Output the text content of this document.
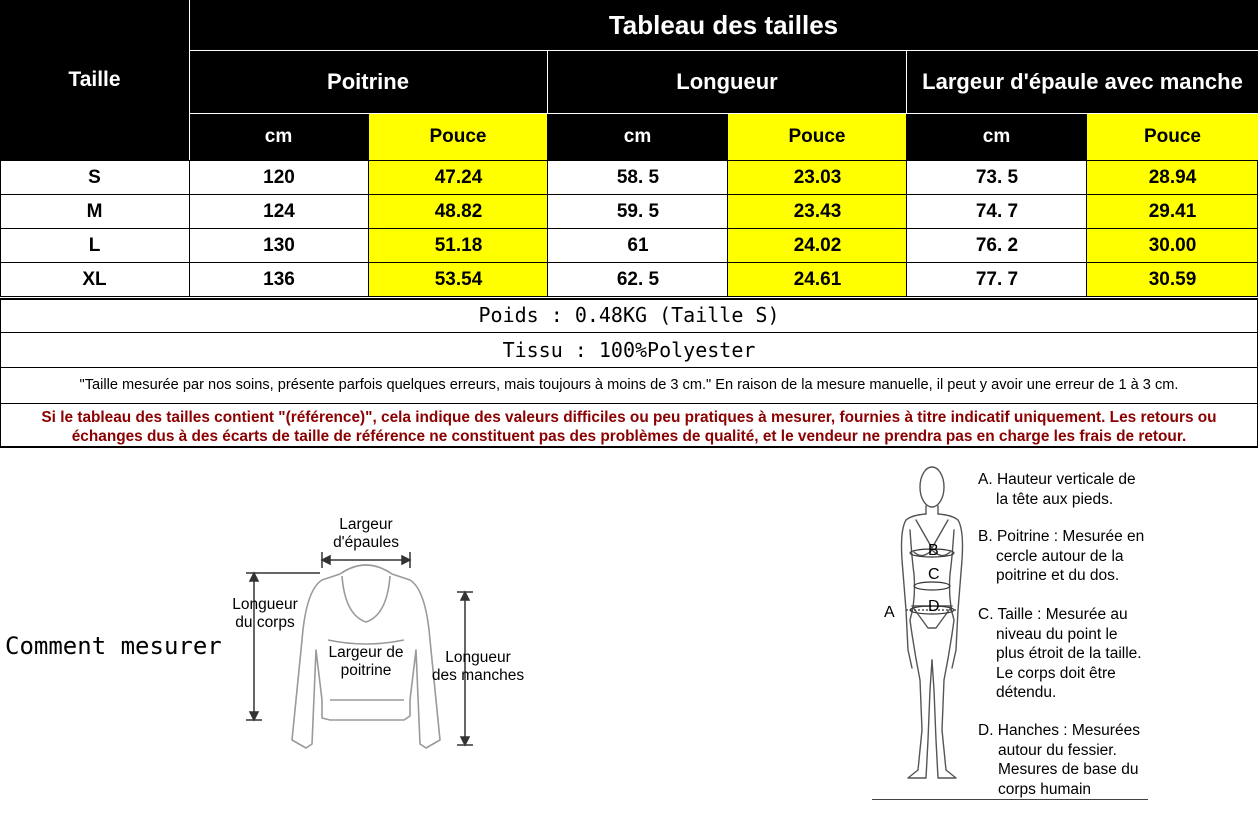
Taille
Tableau des tailles
Poitrine	Longueur	Largeur d'épaule avec manche
cm	Pouce	cm	Pouce	cm	Pouce
S	120	47.24	58. 5	23.03	73. 5	28.94
M	124	48.82	59. 5	23.43	74. 7	29.41
L	130	51.18	61	24.02	76. 2	30.00
XL	136	53.54	62. 5	24.61	77. 7	30.59
Poids : 0.48KG (Taille S)
Tissu : 100%Polyester
"Taille mesurée par nos soins, présente parfois quelques erreurs, mais toujours à moins de 3 cm." En raison de la mesure manuelle, il peut y avoir une erreur de 1 à 3 cm.
Si le tableau des tailles contient "(référence)", cela indique des valeurs difficiles ou peu pratiques à mesurer, fournies à titre indicatif uniquement. Les retours ou
échanges dus à des écarts de taille de référence ne constituent pas des problèmes de qualité, et le vendeur ne prendra pas en charge les frais de retour.
Comment mesurer
Largeur
d'épaules
Longueur
du corps
Largeur de
poitrine
Longueur
des manches
A
B
C
D
A. Hauteur verticale de
la tête aux pieds.
B. Poitrine : Mesurée en
cercle autour de la
poitrine et du dos.
C. Taille : Mesurée au
niveau du point le
plus étroit de la taille.
Le corps doit être
détendu.
D. Hanches : Mesurées
autour du fessier.
Mesures de base du
corps humain
